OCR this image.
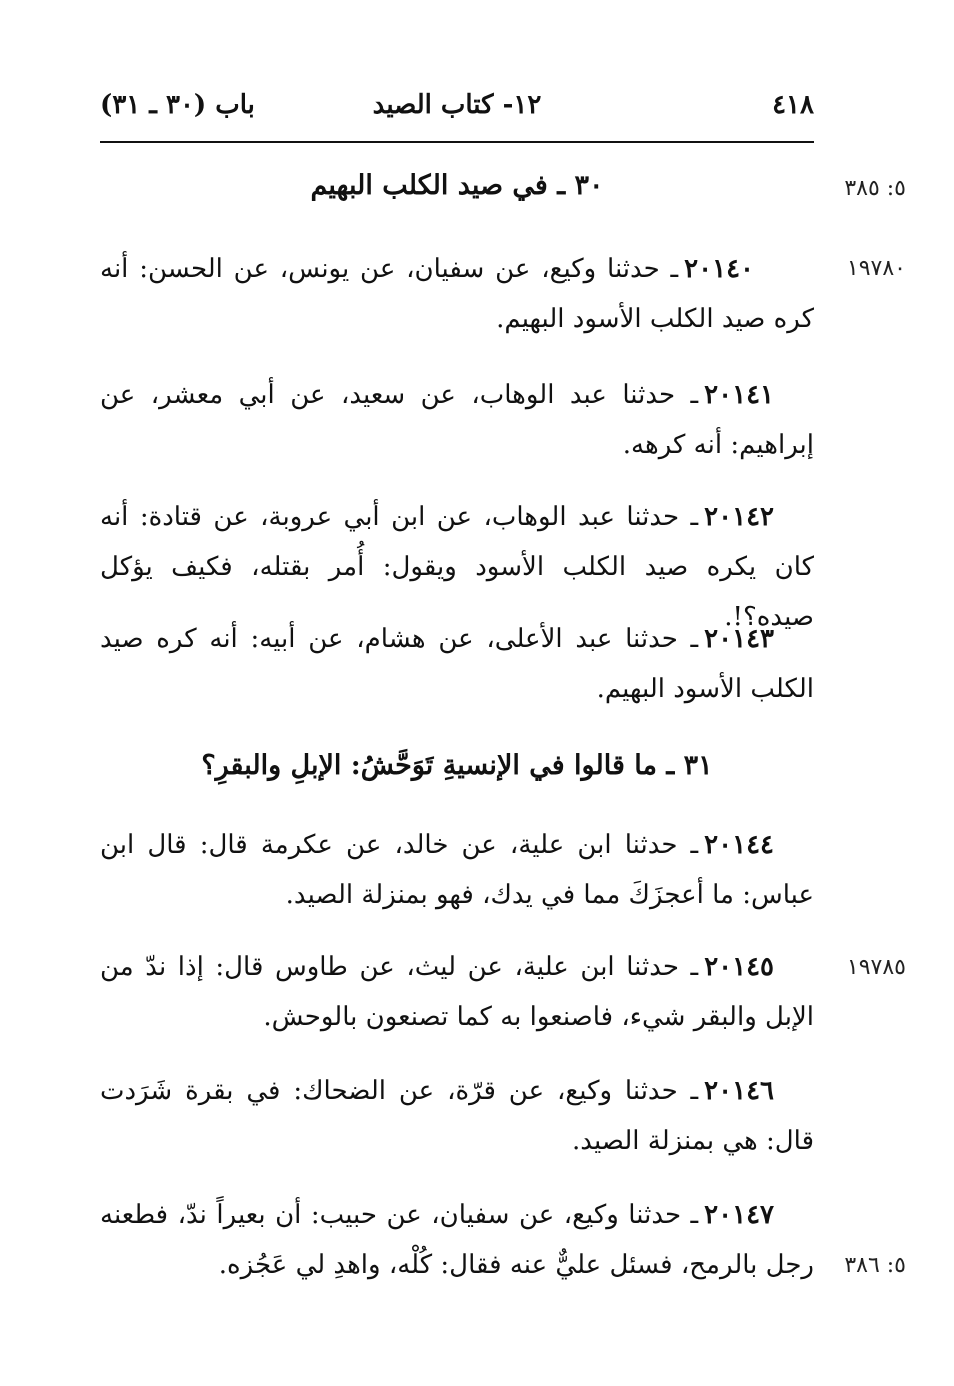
٤١٨
١٢- كتاب الصيد
باب (٣٠ ـ ٣١)
٣٠ ـ في صيد الكلب البهيم	٥: ٣٨٥
١٩٧٨٠
٢٠١٤٠ـ حدثنا وكيع، عن سفيان، عن يونس، عن الحسن: أنه كره صيد الكلب الأسود البهيم.
٢٠١٤١ـ حدثنا عبد الوهاب، عن سعيد، عن أبي معشر، عن إبراهيم: أنه كرهه.
٢٠١٤٢ـ حدثنا عبد الوهاب، عن ابن أبي عروبة، عن قتادة: أنه كان يكره صيد الكلب الأسود ويقول: أُمر بقتله، فكيف يؤكل صيده؟!.
٢٠١٤٣ـ حدثنا عبد الأعلى، عن هشام، عن أبيه: أنه كره صيد الكلب الأسود البهيم.
٣١ ـ ما قالوا في الإنسيةِ تَوَحَّشُ: الإبلِ والبقرِ؟
٢٠١٤٤ـ حدثنا ابن علية، عن خالد، عن عكرمة قال: قال ابن عباس: ما أعجزَكَ مما في يدك، فهو بمنزلة الصيد.
١٩٧٨٥
٢٠١٤٥ـ حدثنا ابن علية، عن ليث، عن طاوس قال: إذا ندّ من الإبل والبقر شيء، فاصنعوا به كما تصنعون بالوحش.
٢٠١٤٦ـ حدثنا وكيع، عن قرّة، عن الضحاك: في بقرة شَرَدت قال: هي بمنزلة الصيد.
٢٠١٤٧ـ حدثنا وكيع، عن سفيان، عن حبيب: أن بعيراً ندّ، فطعنه رجل بالرمح، فسئل عليٌّ عنه فقال: كُلْه، واهدِ لي عَجُزه. ٥: ٣٨٦
